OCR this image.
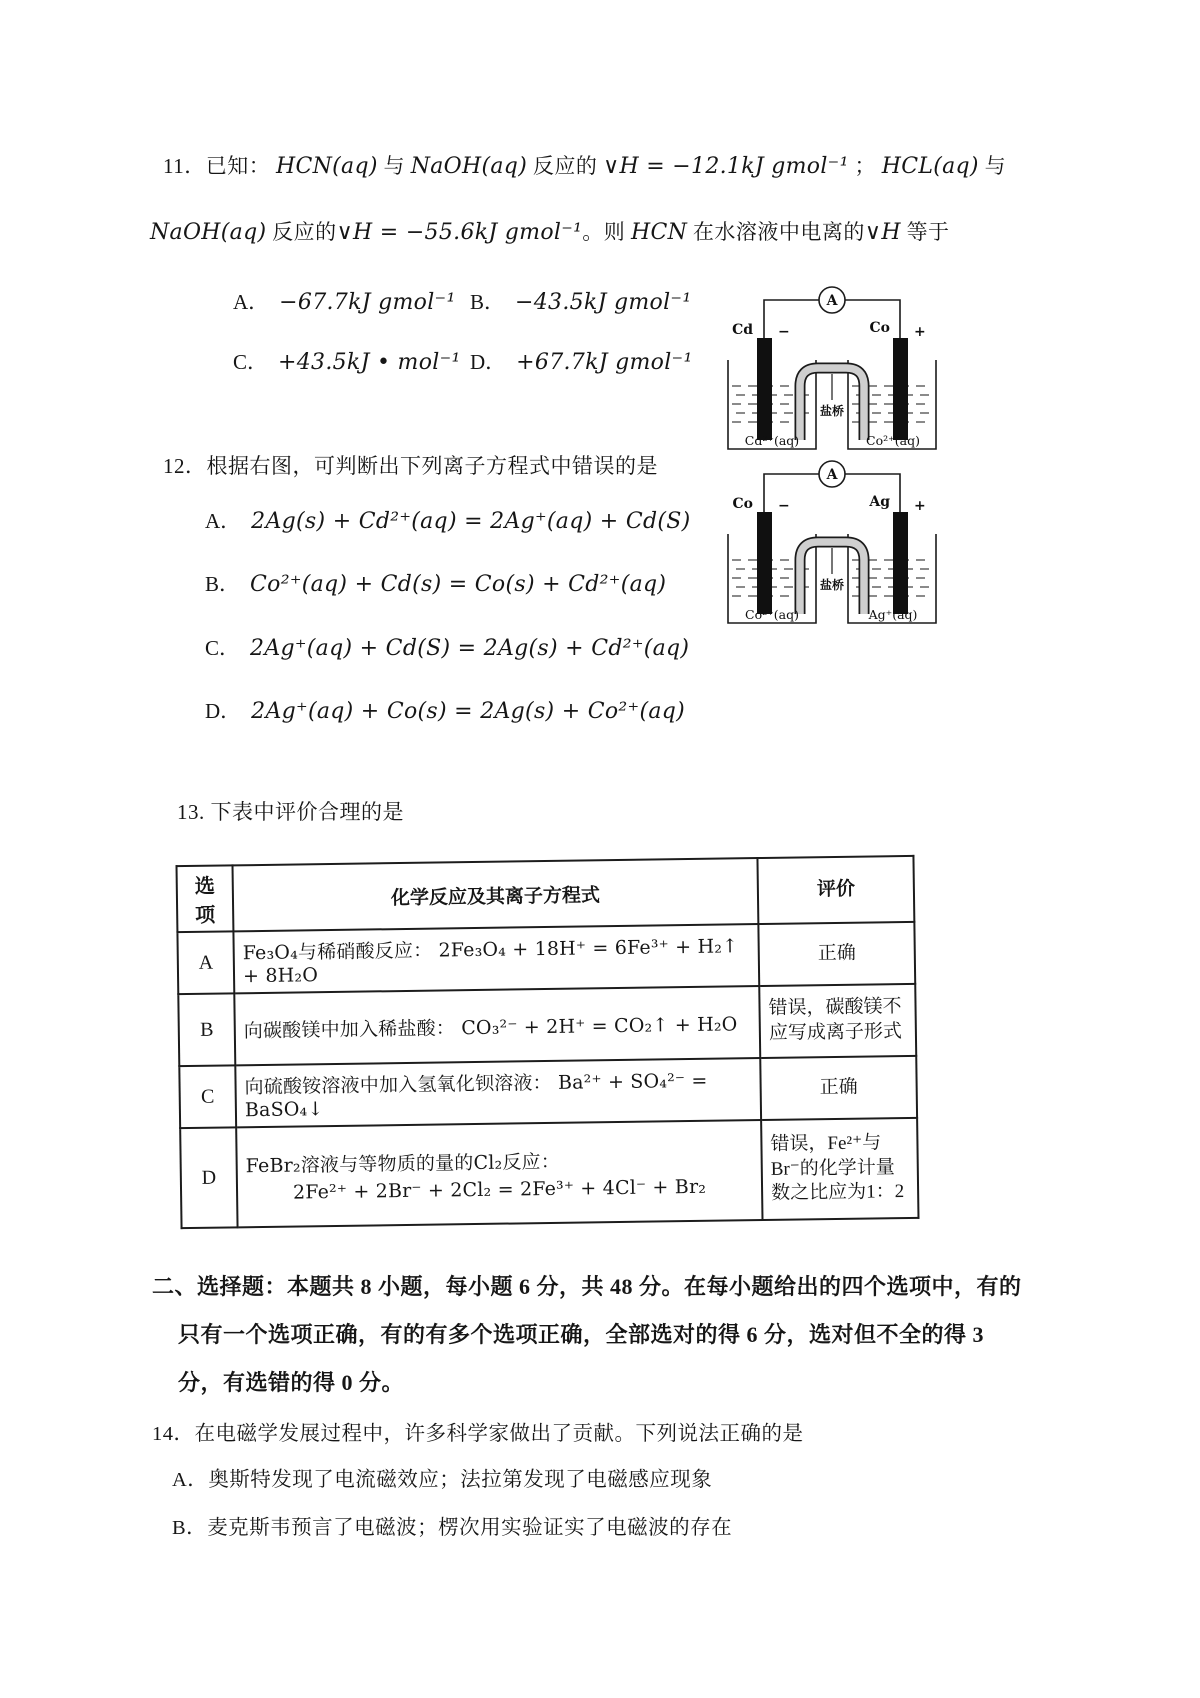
11．已知： HCN(aq) 与 NaOH(aq) 反应的 ∨H = −12.1kJ gmol⁻¹ ； HCL(aq) 与
NaOH(aq) 反应的∨H = −55.6kJ gmol⁻¹。则 HCN 在水溶液中电离的∨H 等于
A． −67.7kJ gmol⁻¹ B． −43.5kJ gmol⁻¹
C． +43.5kJ • mol⁻¹ D． +67.7kJ gmol⁻¹
A
Cd −	Co +
盐桥
Cd²⁺(aq)	Co²⁺(aq)
A
Co −	Ag +
盐桥
Co²⁺(aq)	Ag⁺(aq)
12．根据右图，可判断出下列离子方程式中错误的是
A． 2Ag(s) + Cd²⁺(aq) = 2Ag⁺(aq) + Cd(S)
B． Co²⁺(aq) + Cd(s) = Co(s) + Cd²⁺(aq)
C． 2Ag⁺(aq) + Cd(S) = 2Ag(s) + Cd²⁺(aq)
D． 2Ag⁺(aq) + Co(s) = 2Ag(s) + Co²⁺(aq)
13. 下表中评价合理的是
选项	化学反应及其离子方程式	评价
A	Fe₃O₄与稀硝酸反应： 2Fe₃O₄ + 18H⁺ = 6Fe³⁺ + H₂↑ + 8H₂O	正确
B	向碳酸镁中加入稀盐酸： CO₃²⁻ + 2H⁺ = CO₂↑ + H₂O	错误，碳酸镁不应写成离子形式
C	向硫酸铵溶液中加入氢氧化钡溶液： Ba²⁺ + SO₄²⁻ = BaSO₄↓	正确
D	FeBr₂溶液与等物质的量的Cl₂反应：
2Fe²⁺ + 2Br⁻ + 2Cl₂ = 2Fe³⁺ + 4Cl⁻ + Br₂	错误，Fe²⁺与Br⁻的化学计量数之比应为1：2
二、选择题：本题共 8 小题，每小题 6 分，共 48 分。在每小题给出的四个选项中，有的
只有一个选项正确，有的有多个选项正确，全部选对的得 6 分，选对但不全的得 3
分，有选错的得 0 分。
14．在电磁学发展过程中，许多科学家做出了贡献。下列说法正确的是
A．奥斯特发现了电流磁效应；法拉第发现了电磁感应现象
B．麦克斯韦预言了电磁波；楞次用实验证实了电磁波的存在
